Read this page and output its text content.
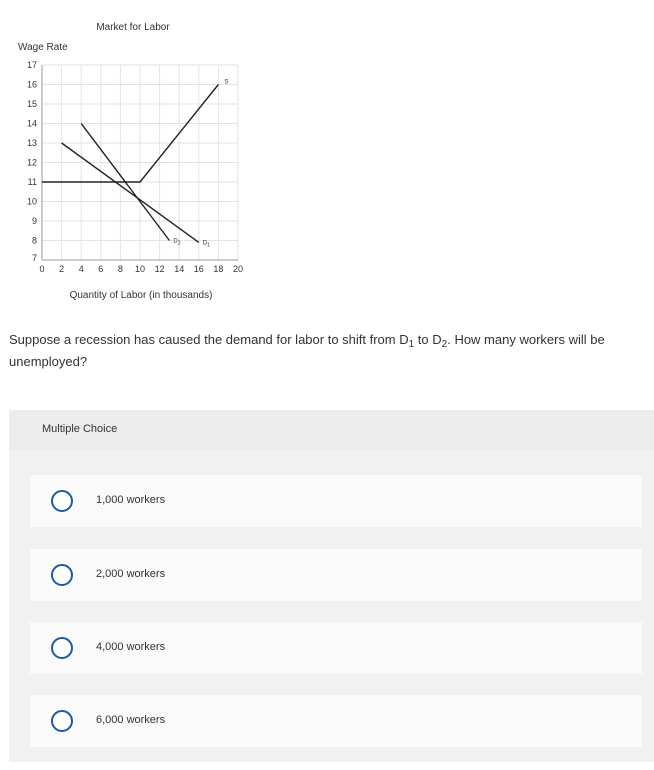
Market for Labor
Wage Rate
Quantity of Labor (in thousands)
0 2 4 6 8 10 12 14 16 18 20
7
8
9
10
11
12
13
14
15
16
17
S
$D_1$
$D_2$
Suppose a recession has caused the demand for labor to shift from $D_1$ to $D_2$. How many workers will be unemployed?
Multiple Choice
1,000 workers
2,000 workers
4,000 workers
6,000 workers
